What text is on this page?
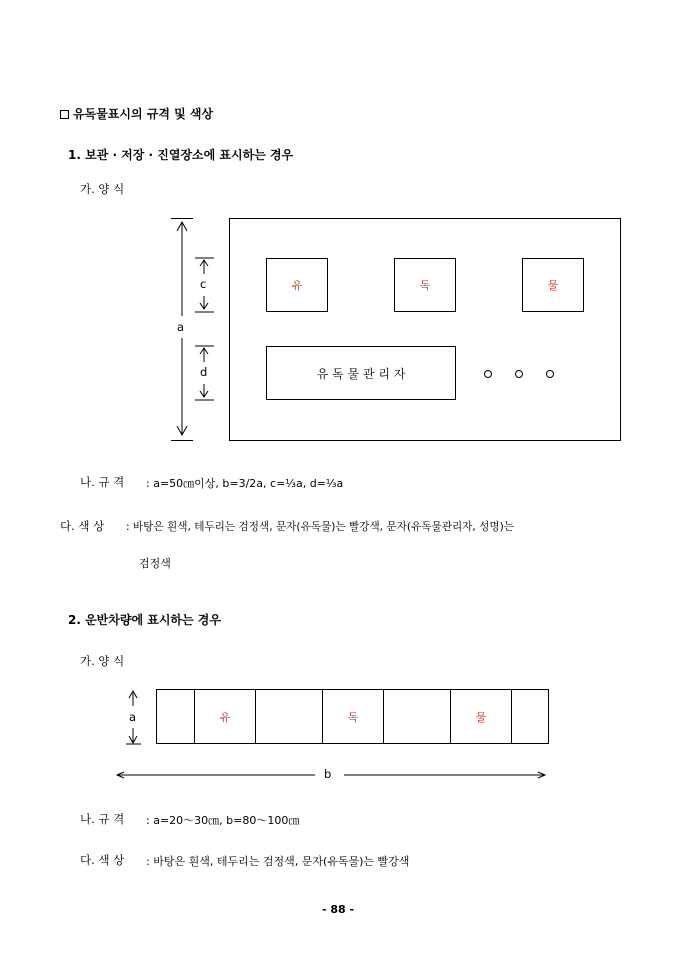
유독물표시의 규격 및 색상
1. 보관 · 저장 · 진열장소에 표시하는 경우
가. 양 식
유	독	물
유 독 물 관 리 자
a
c
d
나. 규 격 : a=50㎝이상, b=3/2a, c=⅓a, d=⅓a
다. 색 상 : 바탕은 흰색, 테두리는 검정색, 문자(유독물)는 빨강색, 문자(유독물관리자, 성명)는
검정색
2. 운반차량에 표시하는 경우
가. 양 식
유	독	물
a
b
나. 규 격 : a=20～30㎝, b=80～100㎝
다. 색 상 : 바탕은 흰색, 테두리는 검정색, 문자(유독물)는 빨강색
- 88 -
